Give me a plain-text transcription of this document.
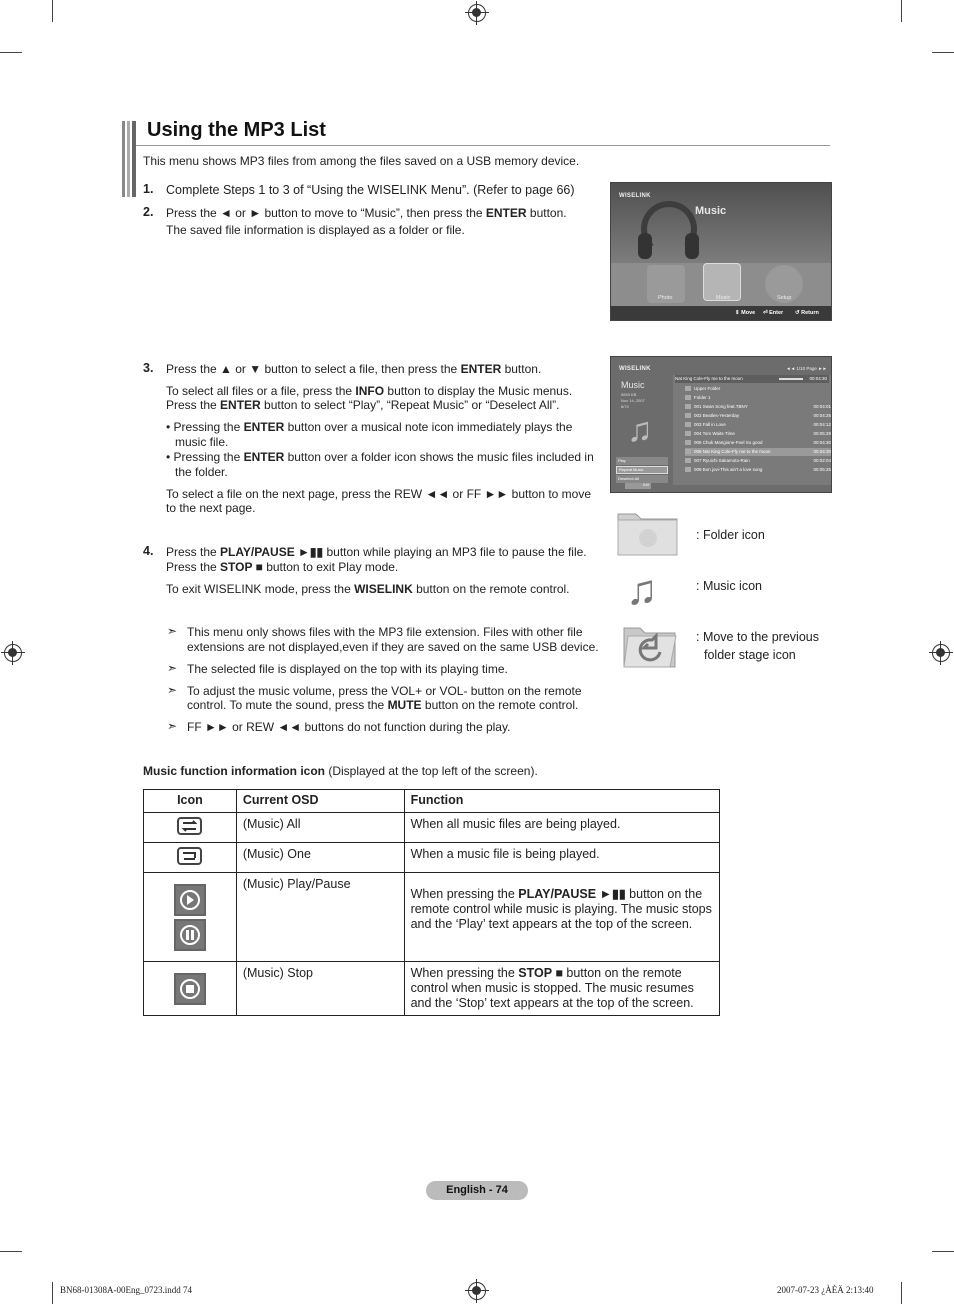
Using the MP3 List
This menu shows MP3 files from among the files saved on a USB memory device.
1. Complete Steps 1 to 3 of “Using the WISELINK Menu”. (Refer to page 66)
2. Press the ◄ or ► button to move to “Music”, then press the ENTER button.
The saved file information is displayed as a folder or file.
WISELINK
Music
Photo	Music	Setup
⇕ Move ⏎ Enter ↺ Return
3. Press the ▲ or ▼ button to select a file, then press the ENTER button.
To select all files or a file, press the INFO button to display the Music menus.
Press the ENTER button to select “Play”, “Repeat Music” or “Deselect All”.
• Pressing the ENTER button over a musical note icon immediately plays the
music file.
• Pressing the ENTER button over a folder icon shows the music files included in
the folder.
To select a file on the next page, press the REW ◄◄ or FF ►► button to move
to the next page.
WISELINK	◄◄ 1/10 Page ►►
Music
5693 KB
Nov 14, 2007
8/74
♫
Play
Repeat Music
Deselect All
Exit
Nat King Cole-Fly me to the moon	00:04:30
Upper Folder
Folder 1
001 Swan Song feat.TBNY	00:04:01
002 Beatles-Yesterday	00:04:25
003 Fall in Love	00:04:12
004 Tom Waits-Time	00:05:29
005 Chuk Mangione-Feel So good	00:04:30
006 Nat King Cole-Fly me to the moon	00:04:30
007 Ryuichi Sakamoto-Rain	00:02:04
008 Bon jovi-This ain't a love song	00:05:25
: Folder icon
♫	: Music icon
: Move to the previous
folder stage icon
4. Press the PLAY/PAUSE ►▮▮ button while playing an MP3 file to pause the file.
Press the STOP ■ button to exit Play mode.
To exit WISELINK mode, press the WISELINK button on the remote control.
➣ This menu only shows files with the MP3 file extension. Files with other file
extensions are not displayed,even if they are saved on the same USB device.
➣ The selected file is displayed on the top with its playing time.
➣ To adjust the music volume, press the VOL+ or VOL- button on the remote
control. To mute the sound, press the MUTE button on the remote control.
➣ FF ►► or REW ◄◄ buttons do not function during the play.
Music function information icon (Displayed at the top left of the screen).
Icon	Current OSD	Function

	(Music) All	When all music files are being played.

	(Music) One	When a music file is being played.

	(Music) Play/Pause	When pressing the PLAY/PAUSE ►▮▮ button on the remote control while music is playing. The music stops and the ‘Play’ text appears at the top of the screen.

	(Music) Stop	When pressing the STOP ■ button on the remote control when music is stopped. The music resumes and the ‘Stop’ text appears at the top of the screen.
English - 74
BN68-01308A-00Eng_0723.indd 74	2007-07-23 ¿ÀÈÄ 2:13:40
